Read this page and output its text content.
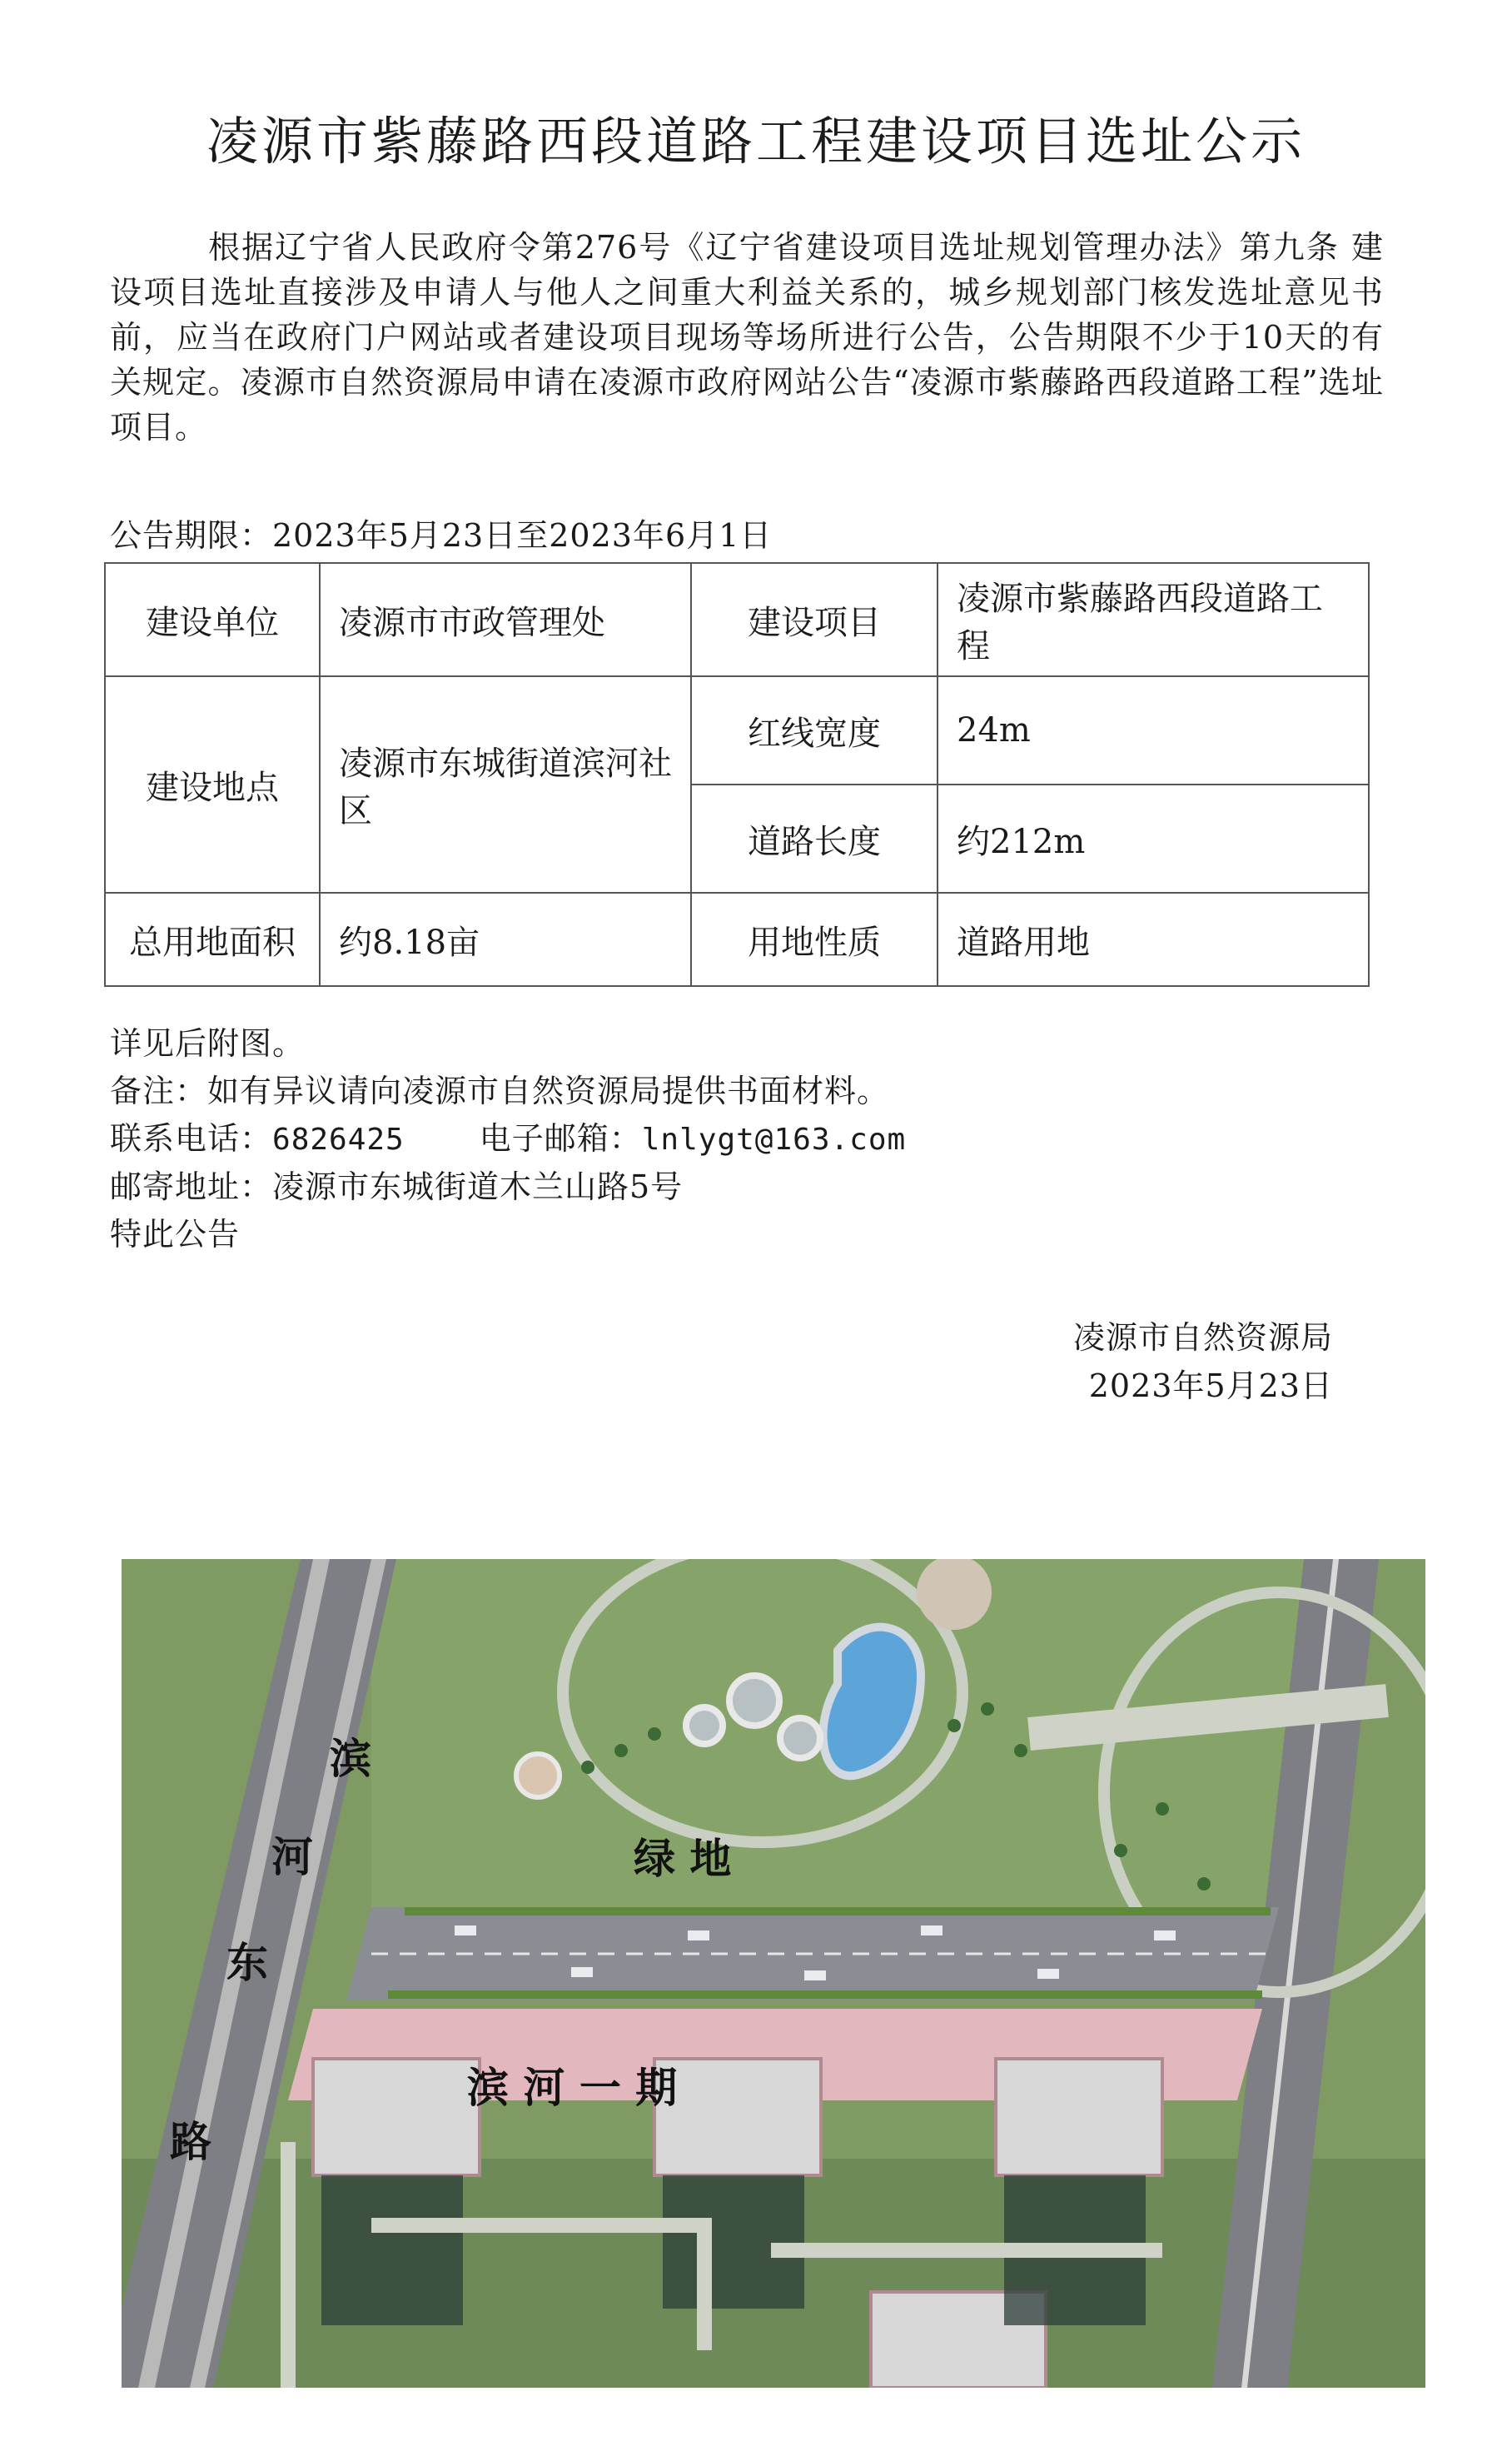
凌源市紫藤路西段道路工程建设项目选址公示
根据辽宁省人民政府令第276号《辽宁省建设项目选址规划管理办法》第九条 建设项目选址直接涉及申请人与他人之间重大利益关系的，城乡规划部门核发选址意见书前，应当在政府门户网站或者建设项目现场等场所进行公告，公告期限不少于10天的有关规定。凌源市自然资源局申请在凌源市政府网站公告“凌源市紫藤路西段道路工程”选址项目。
公告期限：2023年5月23日至2023年6月1日
建设单位	凌源市市政管理处	建设项目	凌源市紫藤路西段道路工程
建设地点	凌源市东城街道滨河社区	红线宽度	24m
		道路长度	约212m
总用地面积	约8.18亩	用地性质	道路用地
详见后附图。
备注：如有异议请向凌源市自然资源局提供书面材料。
联系电话：6826425 电子邮箱：lnlygt@163.com
邮寄地址：凌源市东城街道木兰山路5号
特此公告
凌源市自然资源局
2023年5月23日
滨
河
东
路
绿 地
滨 河 一 期
